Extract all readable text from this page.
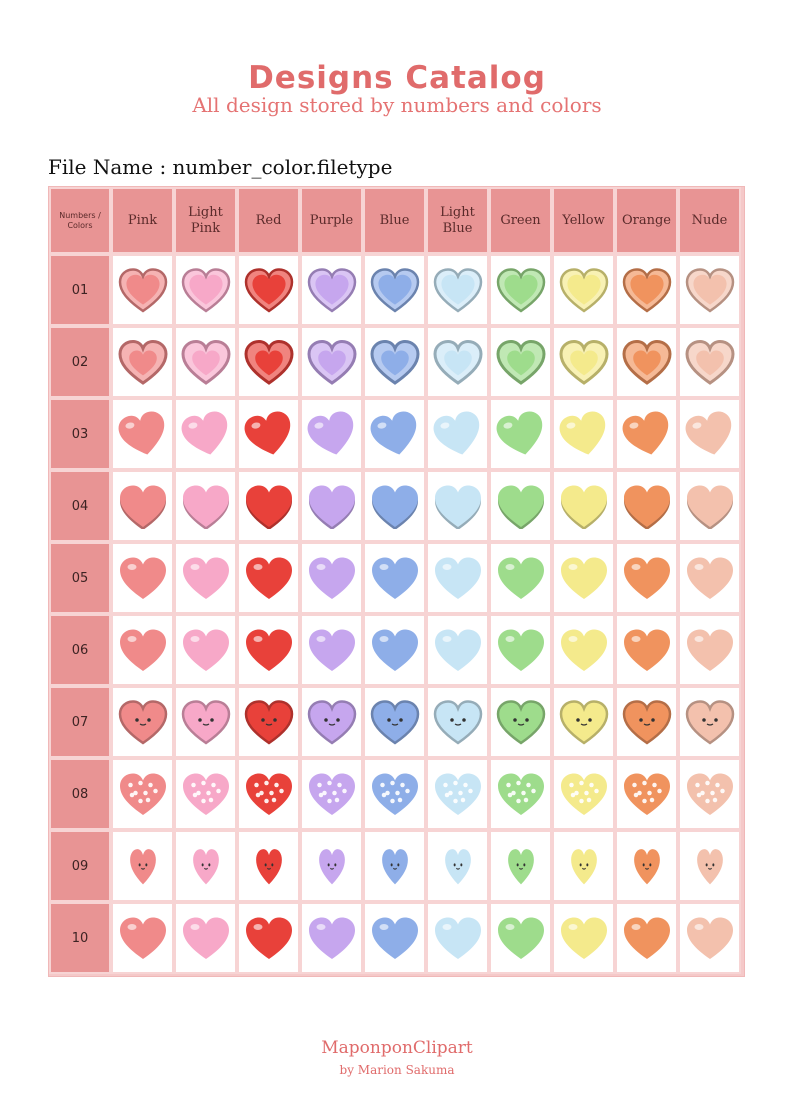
Designs Catalog
All design stored by numbers and colors
File Name : number_color.filetype
Numbers /
Colors	Pink
Light
Pink
Red Purple Blue
Light
Blue
Green Yellow Orange Nude
01
02
03
04
05
06
07
08
09
10
MaponponClipart
by Marion Sakuma
